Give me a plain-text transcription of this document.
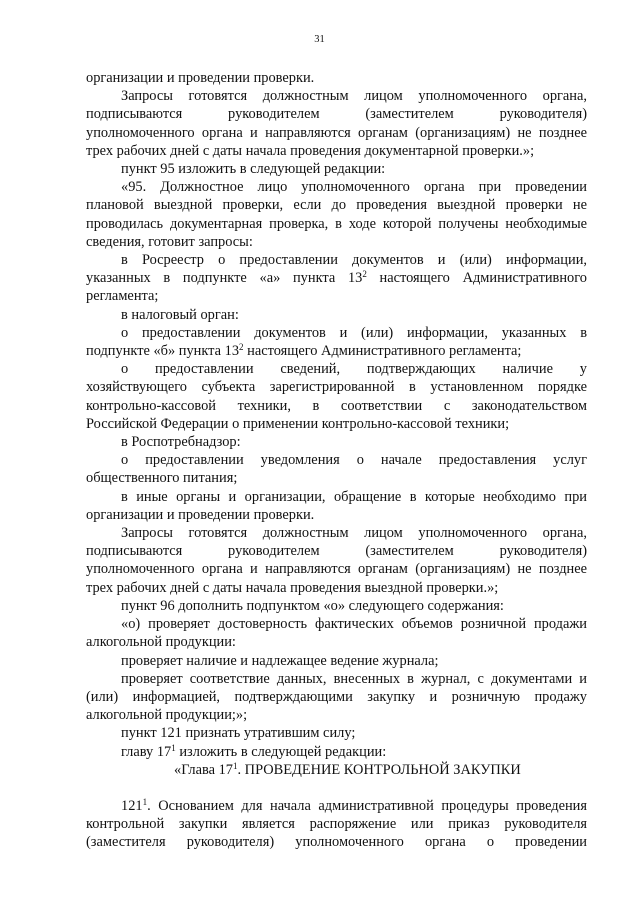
31

организации и проведении проверки.

Запросы готовятся должностным лицом уполномоченного органа,

подписываются руководителем (заместителем руководителя)

уполномоченного органа и направляются органам (организациям) не позднее

трех рабочих дней с даты начала проведения документарной проверки.»;

пункт 95 изложить в следующей редакции:

«95. Должностное лицо уполномоченного органа при проведении

плановой выездной проверки, если до проведения выездной проверки не

проводилась документарная проверка, в ходе которой получены необходимые

сведения, готовит запросы:

в Росреестр о предоставлении документов и (или) информации,

указанных в подпункте «а» пункта $13^2$ настоящего Административного

регламента;

в налоговый орган:

о предоставлении документов и (или) информации, указанных в

подпункте «б» пункта $13^2$ настоящего Административного регламента;

о предоставлении сведений, подтверждающих наличие у

хозяйствующего субъекта зарегистрированной в установленном порядке

контрольно-кассовой техники, в соответствии с законодательством

Российской Федерации о применении контрольно-кассовой техники;

в Роспотребнадзор:

о предоставлении уведомления о начале предоставления услуг

общественного питания;

в иные органы и организации, обращение в которые необходимо при

организации и проведении проверки.

Запросы готовятся должностным лицом уполномоченного органа,

подписываются руководителем (заместителем руководителя)

уполномоченного органа и направляются органам (организациям) не позднее

трех рабочих дней с даты начала проведения выездной проверки.»;

пункт 96 дополнить подпунктом «о» следующего содержания:

«о) проверяет достоверность фактических объемов розничной продажи

алкогольной продукции:

проверяет наличие и надлежащее ведение журнала;

проверяет соответствие данных, внесенных в журнал, с документами и

(или) информацией, подтверждающими закупку и розничную продажу

алкогольной продукции;»;

пункт 121 признать утратившим силу;

главу $17^1$ изложить в следующей редакции:

«Глава $17^1$. ПРОВЕДЕНИЕ КОНТРОЛЬНОЙ ЗАКУПКИ

$121^1$. Основанием для начала административной процедуры проведения

контрольной закупки является распоряжение или приказ руководителя

(заместителя руководителя) уполномоченного органа о проведении
